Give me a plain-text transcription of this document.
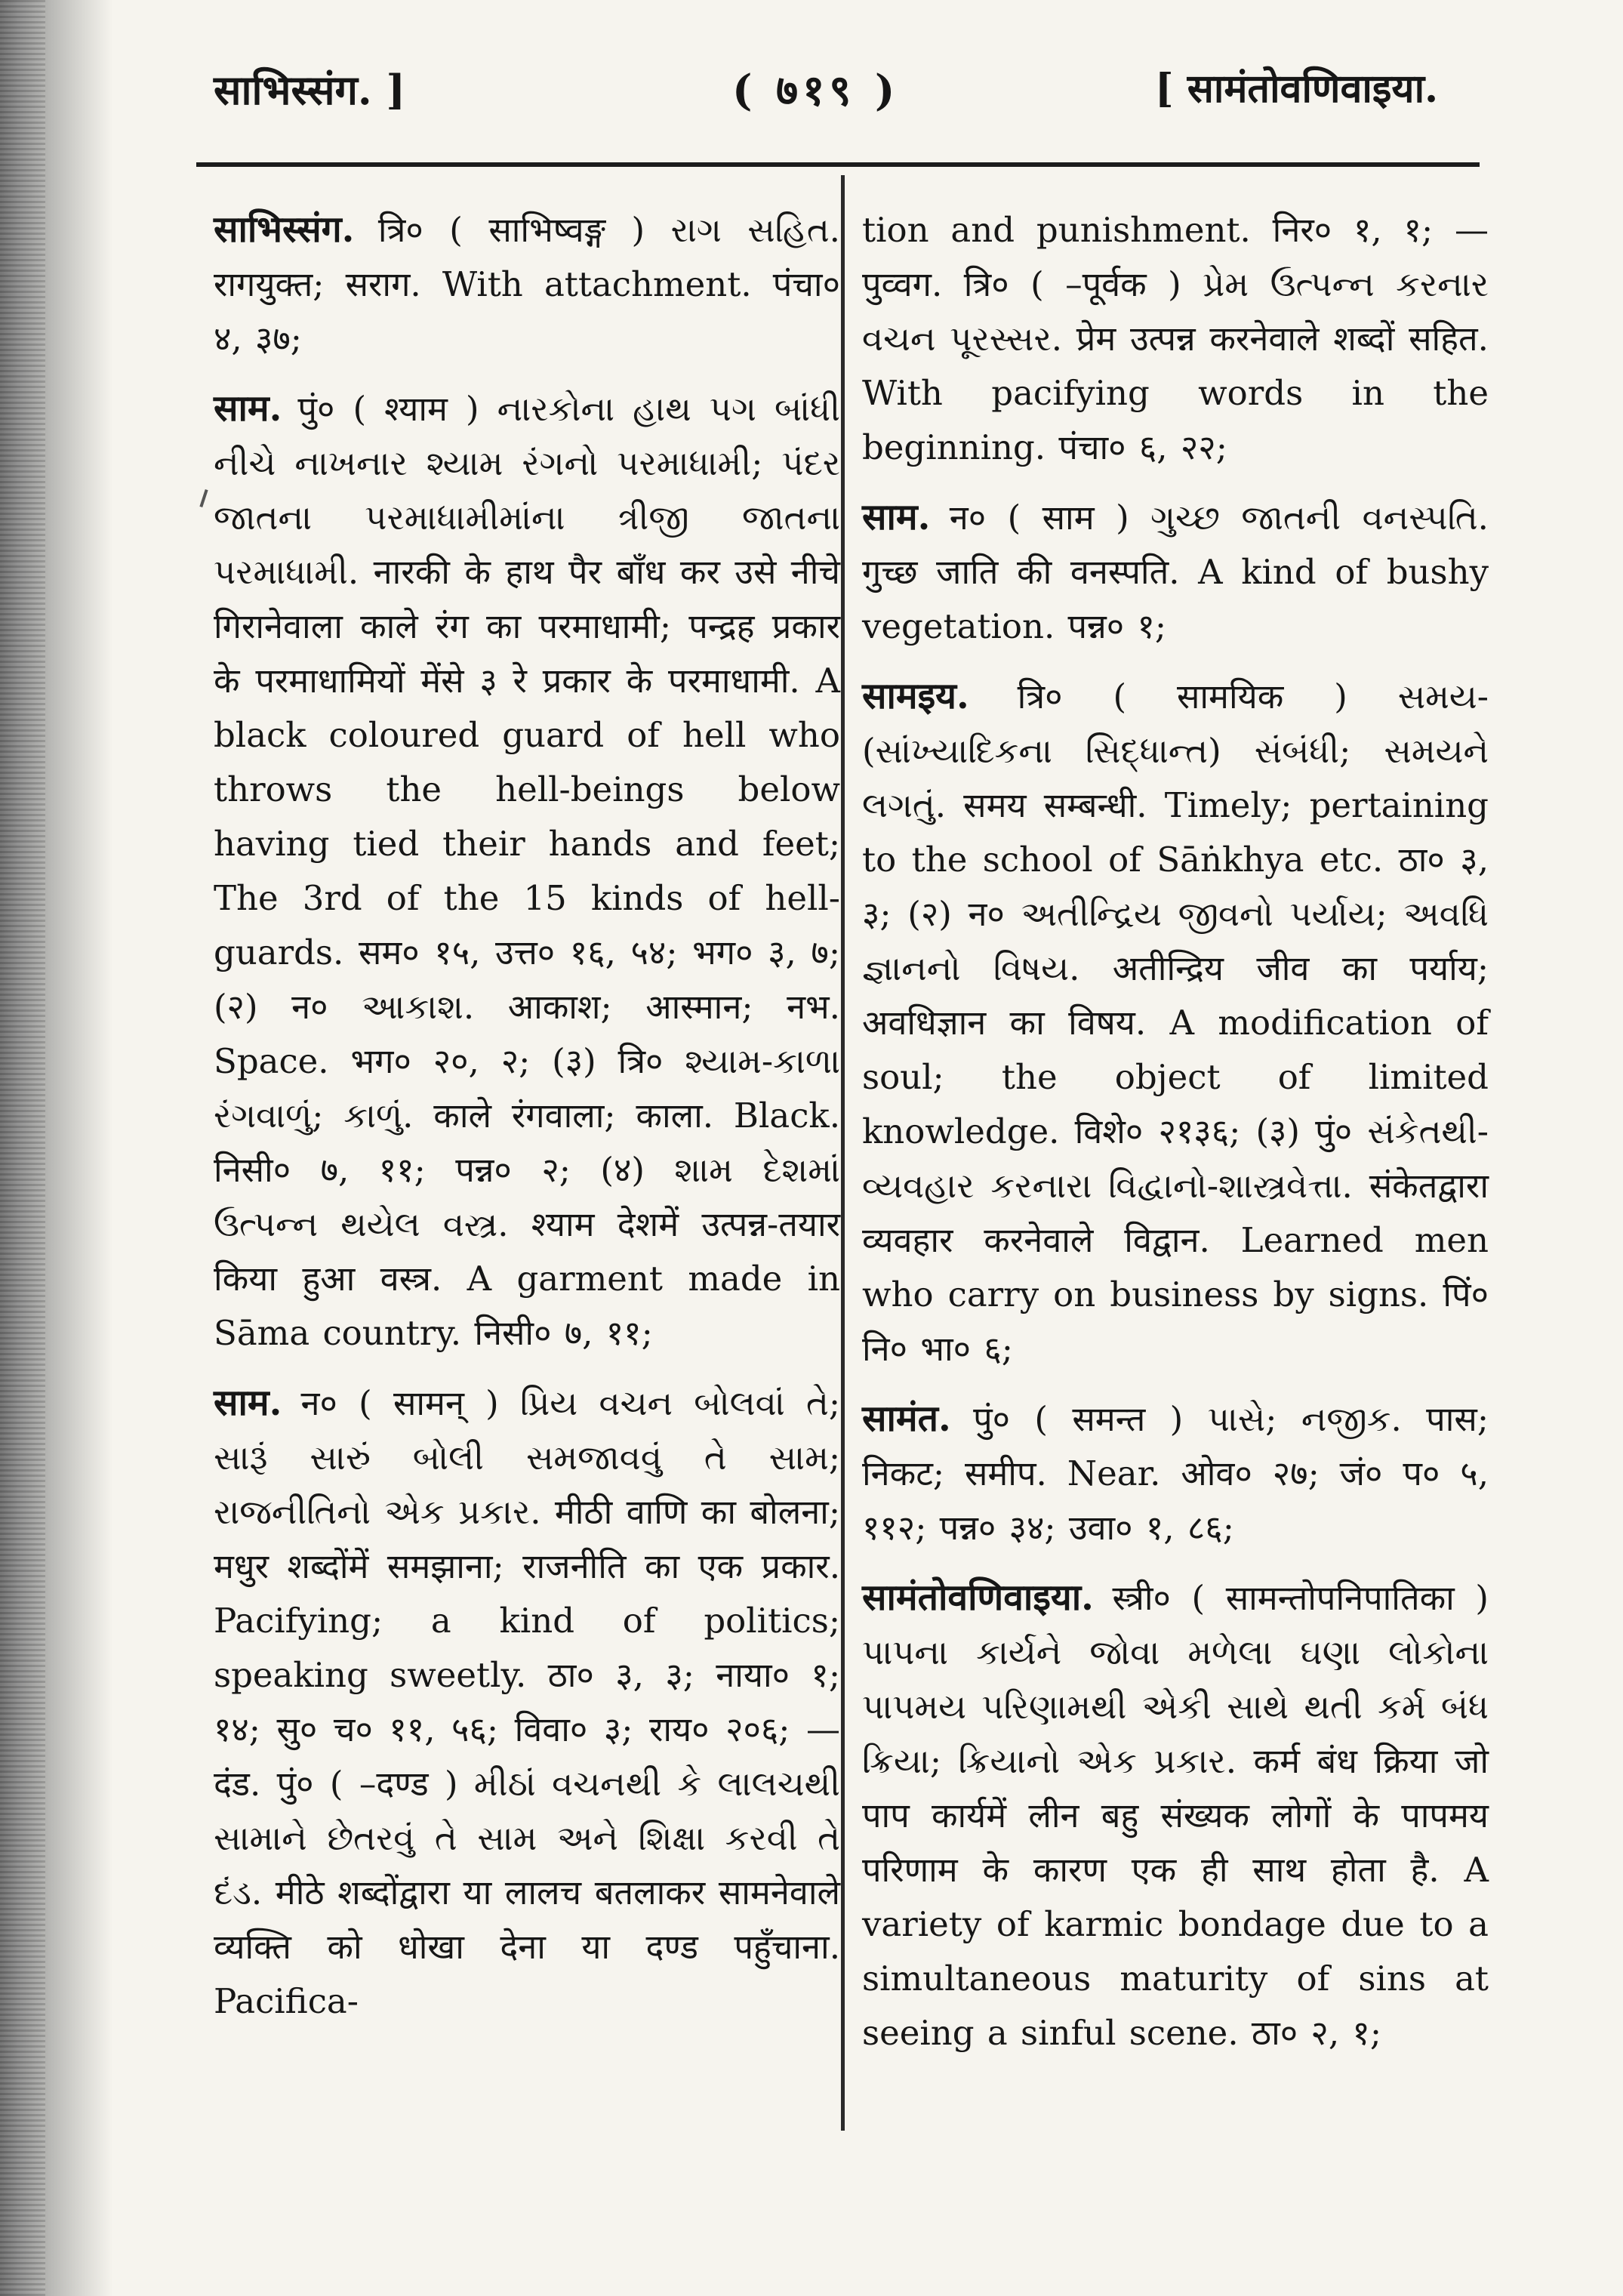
साभिस्संग. ]	( ७१९ )	[ सामंतोवणिवाइया.

साभिस्संग. त्रि० ( साभिष्वङ्ग ) રાગ સહિત. रागयुक्त; सराग. With attachment. पंचा० ४, ३७;

साम. पुं० ( श्याम ) નારકોના હાથ પગ બાંધી નીચે નાખનાર શ્યામ રંગનો પરમાધામી; પંદર જાતના પરમાધામીમાંના ત્રીજી જાતના પરમાધામી. नारकी के हाथ पैर बाँध कर उसे नीचे गिरानेवाला काले रंग का परमाधामी; पन्द्रह प्रकार के परमाधामियों मेंसे ३ रे प्रकार के परमाधामी. A black coloured guard of hell who throws the hell-beings below having tied their hands and feet; The 3rd of the 15 kinds of hell-guards. सम० १५, उत्त० १६, ५४; भग० ३, ७; (२) न० આકાશ. आकाश; आस्मान; नभ. Space. भग० २०, २; (३) त्रि० શ્યામ-કાળા રંગવાળું; કાળું. काले रंगवाला; काला. Black. निसी० ७, ११; पन्न० २; (४) શામ દેશમાં ઉત્પન્ન થયેલ વસ્ત્ર. श्याम देशमें उत्पन्न-तयार किया हुआ वस्त्र. A garment made in Sāma country. निसी० ७, ११;

साम. न० ( सामन् ) પ્રિય વચન બોલવાં તે; સારૂં સારું બોલી સમજાવવું તે સામ; રાજનીતિનો એક પ્રકાર. मीठी वाणि का बोलना; मधुर शब्दोंमें समझाना; राजनीति का एक प्रकार. Pacifying; a kind of politics; speaking sweetly. ठा० ३, ३; नाया० १; १४; सु० च० ११, ५६; विवा० ३; राय० २०६; —दंड. पुं० ( –दण्ड ) મીઠાં વચનથી કે લાલચથી સામાને છેતરવું તે સામ અને શિક્ષા કરવી તે દંડ. मीठे शब्दोंद्वारा या लालच बतलाकर सामनेवाले व्यक्ति को धोखा देना या दण्ड पहुँचाना. Pacifica-

tion and punishment. निर० १, १; —पुव्वग. त्रि० ( –पूर्वक ) પ્રેમ ઉત્પન્ન કરનાર વચન પૂરસ્સર. प्रेम उत्पन्न करनेवाले शब्दों सहित. With pacifying words in the beginning. पंचा० ६, २२;

साम. न० ( साम ) ગુચ્છ જાતની વનસ્પતિ. गुच्छ जाति की वनस्पति. A kind of bushy vegetation. पन्न० १;

सामइय. त्रि० ( सामयिक ) સમય-(સાંખ્યાદિકના સિદ્ધાન્ત) સંબંધી; સમયને લગતું. समय सम्बन्धी. Timely; pertaining to the school of Sāṅkhya etc. ठा० ३, ३; (२) न० અતીન્દ્રિય જીવનો પર્યાય; અવધિ જ્ઞાનનો વિષય. अतीन्द्रिय जीव का पर्याय; अवधिज्ञान का विषय. A modification of soul; the object of limited knowledge. विशे० २१३६; (३) पुं० સંકેતથી-વ્યવહાર કરનારા વિદ્વાનો-શાસ્ત્રવેત્તા. संकेतद्वारा व्यवहार करनेवाले विद्वान. Learned men who carry on business by signs. पिं० नि० भा० ६;

सामंत. पुं० ( समन्त ) પાસે; નજીક. पास; निकट; समीप. Near. ओव० २७; जं० प० ५, ११२; पन्न० ३४; उवा० १, ८६;

सामंतोवणिवाइया. स्त्री० ( सामन्तोपनिपातिका ) પાપના કાર્યને જોવા મળેલા ઘણા લોકોના પાપમય પરિણામથી એકી સાથે થતી કર્મ બંધ ક્રિયા; ક્રિયાનો એક પ્રકાર. कर्म बंध क्रिया जो पाप कार्यमें लीन बहु संख्यक लोगों के पापमय परिणाम के कारण एक ही साथ होता है. A variety of karmic bondage due to a simultaneous maturity of sins at seeing a sinful scene. ठा० २, १;
